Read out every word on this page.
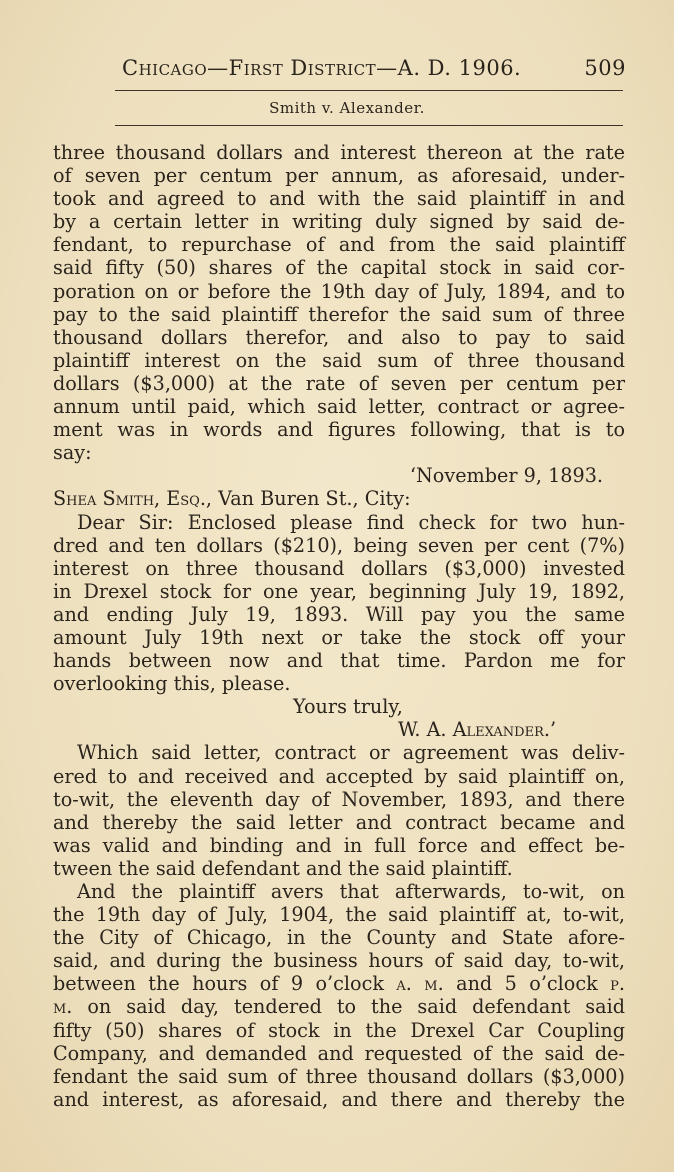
Chicago—First District—A. D. 1906.	509
Smith v. Alexander.
three thousand dollars and interest thereon at the rate
of seven per centum per annum, as aforesaid, under-
took and agreed to and with the said plaintiff in and
by a certain letter in writing duly signed by said de-
fendant, to repurchase of and from the said plaintiff
said fifty (50) shares of the capital stock in said cor-
poration on or before the 19th day of July, 1894, and to
pay to the said plaintiff therefor the said sum of three
thousand dollars therefor, and also to pay to said
plaintiff interest on the said sum of three thousand
dollars ($3,000) at the rate of seven per centum per
annum until paid, which said letter, contract or agree-
ment was in words and figures following, that is to
say:
‘November 9, 1893.
Shea Smith, Esq., Van Buren St., City:
Dear Sir: Enclosed please find check for two hun-
dred and ten dollars ($210), being seven per cent (7%)
interest on three thousand dollars ($3,000) invested
in Drexel stock for one year, beginning July 19, 1892,
and ending July 19, 1893. Will pay you the same
amount July 19th next or take the stock off your
hands between now and that time. Pardon me for
overlooking this, please.
Yours truly,
W. A. Alexander.’
Which said letter, contract or agreement was deliv-
ered to and received and accepted by said plaintiff on,
to-wit, the eleventh day of November, 1893, and there
and thereby the said letter and contract became and
was valid and binding and in full force and effect be-
tween the said defendant and the said plaintiff.
And the plaintiff avers that afterwards, to-wit, on
the 19th day of July, 1904, the said plaintiff at, to-wit,
the City of Chicago, in the County and State afore-
said, and during the business hours of said day, to-wit,
between the hours of 9 o’clock a. m. and 5 o’clock p.
m. on said day, tendered to the said defendant said
fifty (50) shares of stock in the Drexel Car Coupling
Company, and demanded and requested of the said de-
fendant the said sum of three thousand dollars ($3,000)
and interest, as aforesaid, and there and thereby the
